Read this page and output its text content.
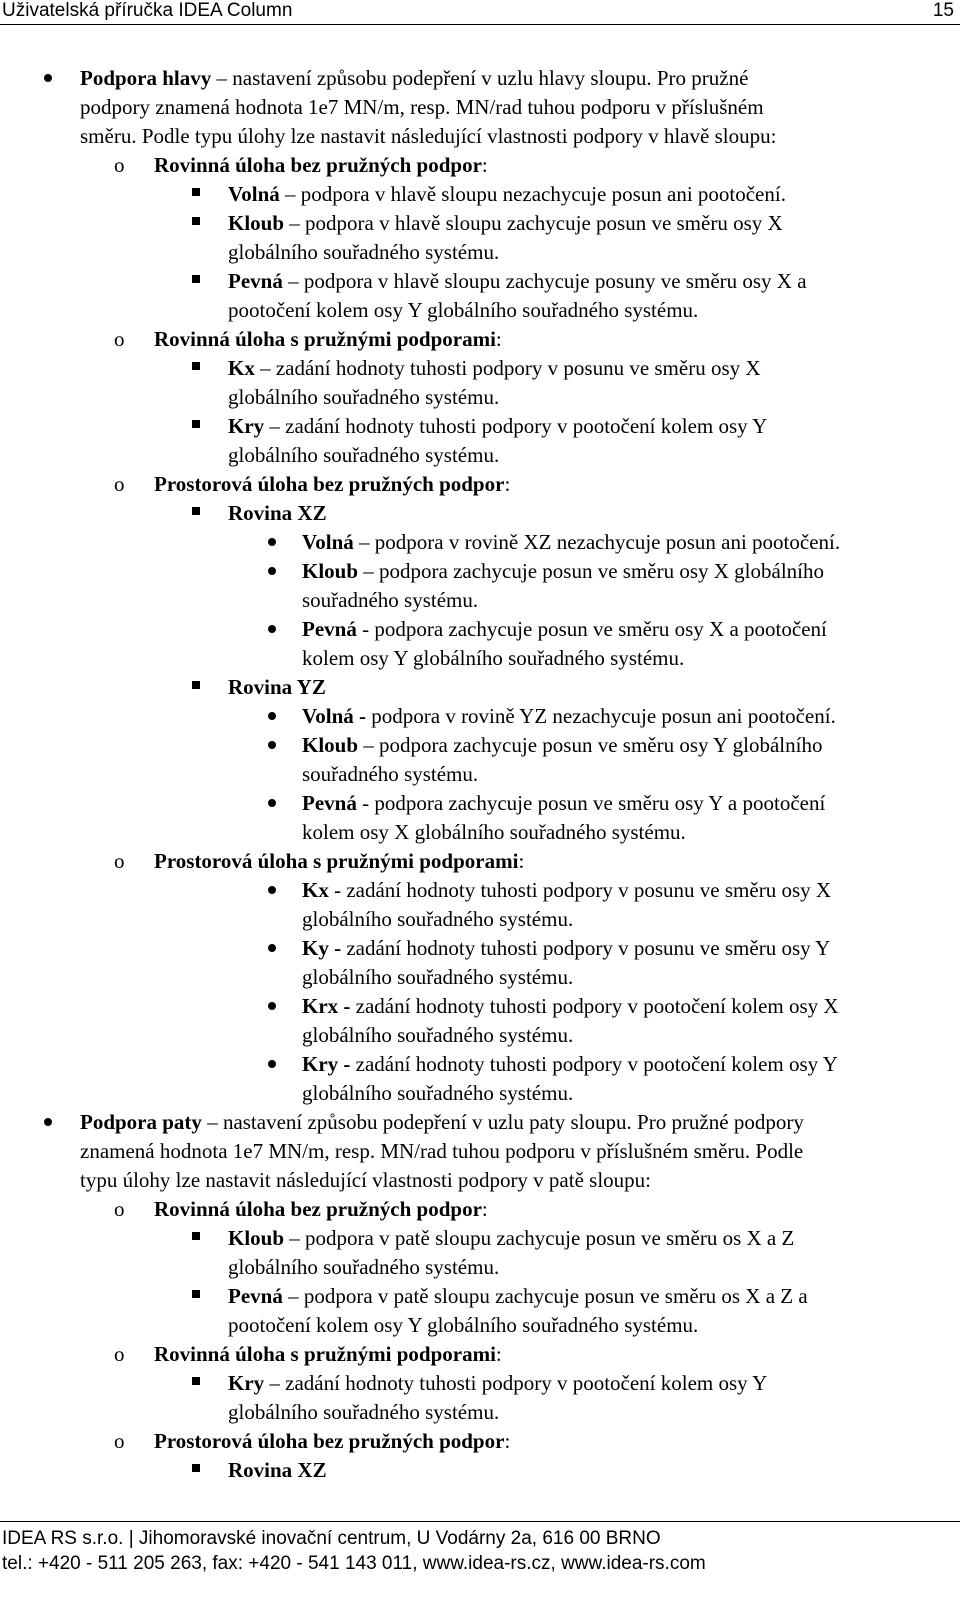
Uživatelská příručka IDEA Column	15
Podpora hlavy – nastavení způsobu podepření v uzlu hlavy sloupu. Pro pružné
podpory znamená hodnota 1e7 MN/m, resp. MN/rad tuhou podporu v příslušném
směru. Podle typu úlohy lze nastavit následující vlastnosti podpory v hlavě sloupu:
o Rovinná úloha bez pružných podpor:
Volná – podpora v hlavě sloupu nezachycuje posun ani pootočení.
Kloub – podpora v hlavě sloupu zachycuje posun ve směru osy X
globálního souřadného systému.
Pevná – podpora v hlavě sloupu zachycuje posuny ve směru osy X a
pootočení kolem osy Y globálního souřadného systému.
o Rovinná úloha s pružnými podporami:
Kx – zadání hodnoty tuhosti podpory v posunu ve směru osy X
globálního souřadného systému.
Kry – zadání hodnoty tuhosti podpory v pootočení kolem osy Y
globálního souřadného systému.
o Prostorová úloha bez pružných podpor:
Rovina XZ
Volná – podpora v rovině XZ nezachycuje posun ani pootočení.
Kloub – podpora zachycuje posun ve směru osy X globálního
souřadného systému.
Pevná - podpora zachycuje posun ve směru osy X a pootočení
kolem osy Y globálního souřadného systému.
Rovina YZ
Volná - podpora v rovině YZ nezachycuje posun ani pootočení.
Kloub – podpora zachycuje posun ve směru osy Y globálního
souřadného systému.
Pevná - podpora zachycuje posun ve směru osy Y a pootočení
kolem osy X globálního souřadného systému.
o Prostorová úloha s pružnými podporami:
Kx - zadání hodnoty tuhosti podpory v posunu ve směru osy X
globálního souřadného systému.
Ky - zadání hodnoty tuhosti podpory v posunu ve směru osy Y
globálního souřadného systému.
Krx - zadání hodnoty tuhosti podpory v pootočení kolem osy X
globálního souřadného systému.
Kry - zadání hodnoty tuhosti podpory v pootočení kolem osy Y
globálního souřadného systému.
Podpora paty – nastavení způsobu podepření v uzlu paty sloupu. Pro pružné podpory
znamená hodnota 1e7 MN/m, resp. MN/rad tuhou podporu v příslušném směru. Podle
typu úlohy lze nastavit následující vlastnosti podpory v patě sloupu:
o Rovinná úloha bez pružných podpor:
Kloub – podpora v patě sloupu zachycuje posun ve směru os X a Z
globálního souřadného systému.
Pevná – podpora v patě sloupu zachycuje posun ve směru os X a Z a
pootočení kolem osy Y globálního souřadného systému.
o Rovinná úloha s pružnými podporami:
Kry – zadání hodnoty tuhosti podpory v pootočení kolem osy Y
globálního souřadného systému.
o Prostorová úloha bez pružných podpor:
Rovina XZ
IDEA RS s.r.o. | Jihomoravské inovační centrum, U Vodárny 2a, 616 00 BRNO
tel.: +420 - 511 205 263, fax: +420 - 541 143 011, www.idea-rs.cz, www.idea-rs.com
